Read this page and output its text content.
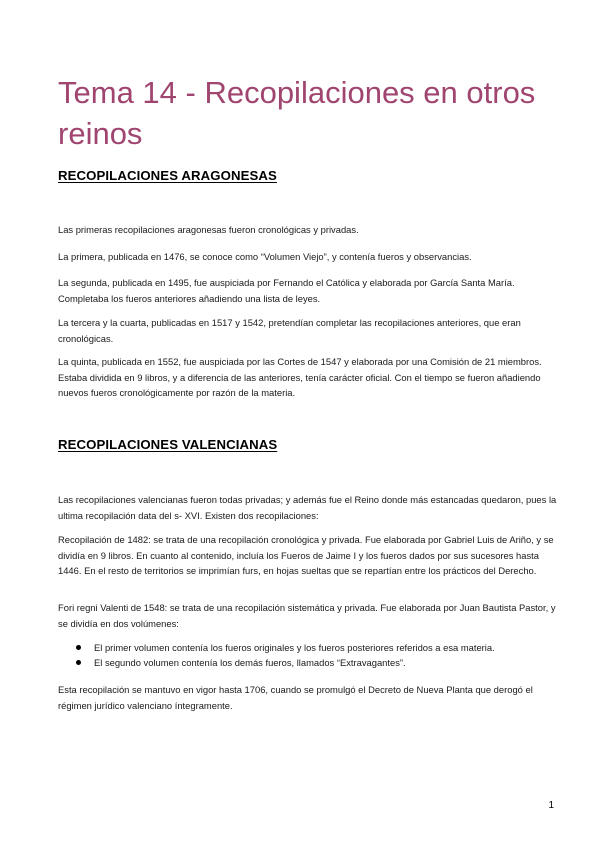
Tema 14 - Recopilaciones en otros reinos
RECOPILACIONES ARAGONESAS

Las primeras recopilaciones aragonesas fueron cronológicas y privadas.

La primera, publicada en 1476, se conoce como “Volumen Viejo”, y contenía fueros y observancias.

La segunda, publicada en 1495, fue auspiciada por Fernando el Católica y elaborada por García Santa María. Completaba los fueros anteriores añadiendo una lista de leyes.

La tercera y la cuarta, publicadas en 1517 y 1542, pretendían completar las recopilaciones anteriores, que eran cronológicas.

La quinta, publicada en 1552, fue auspiciada por las Cortes de 1547 y elaborada por una Comisión de 21 miembros. Estaba dividida en 9 libros, y a diferencia de las anteriores, tenía carácter oficial. Con el tiempo se fueron añadiendo nuevos fueros cronológicamente por razón de la materia.

RECOPILACIONES VALENCIANAS

Las recopilaciones valencianas fueron todas privadas; y además fue el Reino donde más estancadas quedaron, pues la ultima recopilación data del s- XVI. Existen dos recopilaciones:

Recopilación de 1482: se trata de una recopilación cronológica y privada. Fue elaborada por Gabriel Luis de Ariño, y se dividía en 9 libros. En cuanto al contenido, incluía los Fueros de Jaime I y los fueros dados por sus sucesores hasta 1446. En el resto de territorios se imprimían furs, en hojas sueltas que se repartían entre los prácticos del Derecho.

Fori regni Valenti de 1548: se trata de una recopilación sistemática y privada. Fue elaborada por Juan Bautista Pastor, y se dividía en dos volúmenes:

El primer volumen contenía los fueros originales y los fueros posteriores referidos a esa materia.
El segundo volumen contenía los demás fueros, llamados “Extravagantes”.

Esta recopilación se mantuvo en vigor hasta 1706, cuando se promulgó el Decreto de Nueva Planta que derogó el régimen jurídico valenciano íntegramente.

1
